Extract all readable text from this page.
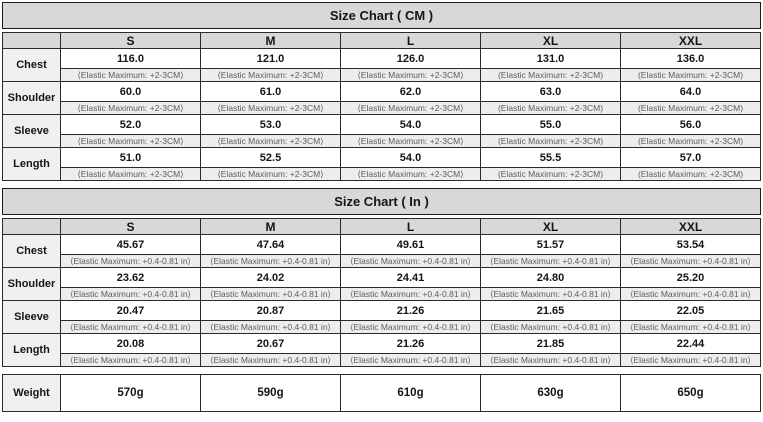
Size Chart ( CM )
	S	M	L	XL	XXL
Chest	116.0	121.0	126.0	131.0	136.0
	⟨Elastic Maximum: +2-3CM⟩	⟨Elastic Maximum: +2-3CM⟩	⟨Elastic Maximum: +2-3CM⟩	(Elastic Maximum: +2-3CM)	(Elastic Maximum: +2-3CM)
Shoulder	60.0	61.0	62.0	63.0	64.0
	⟨Elastic Maximum: +2-3CM⟩	⟨Elastic Maximum: +2-3CM⟩	⟨Elastic Maximum: +2-3CM⟩	(Elastic Maximum: +2-3CM)	(Elastic Maximum: +2-3CM)
Sleeve	52.0	53.0	54.0	55.0	56.0
	⟨Elastic Maximum: +2-3CM⟩	⟨Elastic Maximum: +2-3CM⟩	⟨Elastic Maximum: +2-3CM⟩	(Elastic Maximum: +2-3CM)	(Elastic Maximum: +2-3CM)
Length	51.0	52.5	54.0	55.5	57.0
	⟨Elastic Maximum: +2-3CM⟩	⟨Elastic Maximum: +2-3CM⟩	⟨Elastic Maximum: +2-3CM⟩	(Elastic Maximum: +2-3CM)	(Elastic Maximum: +2-3CM)
Size Chart ( In )
	S	M	L	XL	XXL
Chest	45.67	47.64	49.61	51.57	53.54
	⟨Elastic Maximum: +0.4-0.81 in⟩	⟨Elastic Maximum: +0.4-0.81 in⟩	⟨Elastic Maximum: +0.4-0.81 in⟩	⟨Elastic Maximum: +0.4-0.81 in⟩	⟨Elastic Maximum: +0.4-0.81 in⟩
Shoulder	23.62	24.02	24.41	24.80	25.20
	⟨Elastic Maximum: +0.4-0.81 in⟩	⟨Elastic Maximum: +0.4-0.81 in⟩	⟨Elastic Maximum: +0.4-0.81 in⟩	⟨Elastic Maximum: +0.4-0.81 in⟩	⟨Elastic Maximum: +0.4-0.81 in⟩
Sleeve	20.47	20.87	21.26	21.65	22.05
	⟨Elastic Maximum: +0.4-0.81 in⟩	⟨Elastic Maximum: +0.4-0.81 in⟩	⟨Elastic Maximum: +0.4-0.81 in⟩	⟨Elastic Maximum: +0.4-0.81 in⟩	⟨Elastic Maximum: +0.4-0.81 in⟩
Length	20.08	20.67	21.26	21.85	22.44
	⟨Elastic Maximum: +0.4-0.81 in⟩	⟨Elastic Maximum: +0.4-0.81 in⟩	⟨Elastic Maximum: +0.4-0.81 in⟩	⟨Elastic Maximum: +0.4-0.81 in⟩	⟨Elastic Maximum: +0.4-0.81 in⟩
Weight	570g	590g	610g	630g	650g
